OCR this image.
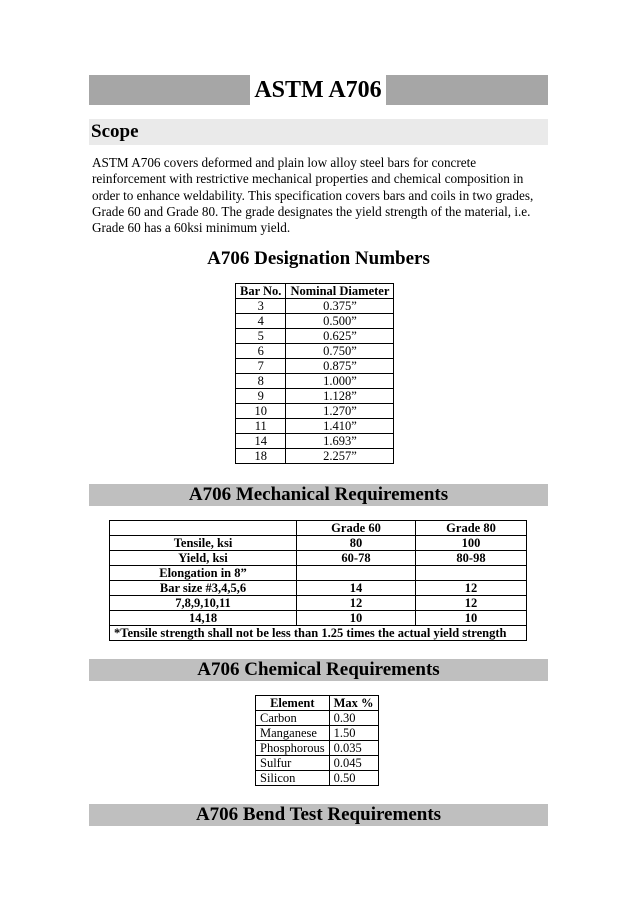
ASTM A706
Scope

ASTM A706 covers deformed and plain low alloy steel bars for concrete reinforcement with restrictive mechanical properties and chemical composition in order to enhance weldability. This specification covers bars and coils in two grades, Grade 60 and Grade 80. The grade designates the yield strength of the material, i.e. Grade 60 has a 60ksi minimum yield.

A706 Designation Numbers
Bar No.	Nominal Diameter
3	0.375”
4	0.500”
5	0.625”
6	0.750”
7	0.875”
8	1.000”
9	1.128”
10	1.270”
11	1.410”
14	1.693”
18	2.257”
A706 Mechanical Requirements
	Grade 60	Grade 80
Tensile, ksi	80	100
Yield, ksi	60-78	80-98
Elongation in 8”		
Bar size #3,4,5,6	14	12
7,8,9,10,11	12	12
14,18	10	10
*Tensile strength shall not be less than 1.25 times the actual yield strength		
A706 Chemical Requirements
Element	Max %
Carbon	0.30
Manganese	1.50
Phosphorous	0.035
Sulfur	0.045
Silicon	0.50
A706 Bend Test Requirements
